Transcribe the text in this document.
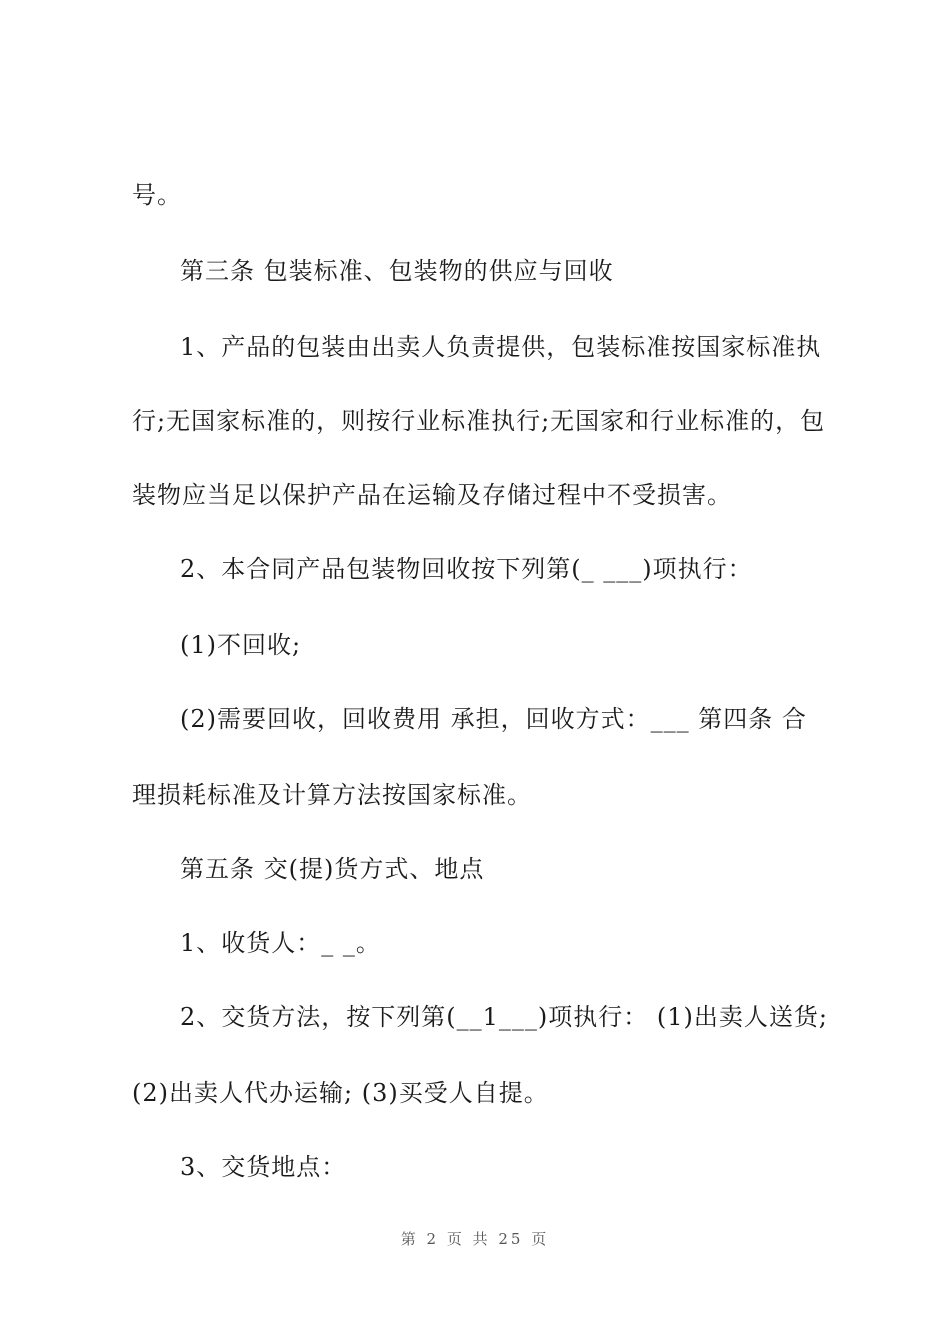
号。
第三条 包装标准、包装物的供应与回收
1、产品的包装由出卖人负责提供，包装标准按国家标准执
行;无国家标准的，则按行业标准执行;无国家和行业标准的，包
装物应当足以保护产品在运输及存储过程中不受损害。
2、本合同产品包装物回收按下列第(_ ___)项执行：
(1)不回收;
(2)需要回收，回收费用 承担，回收方式：___ 第四条 合
理损耗标准及计算方法按国家标准。
第五条 交(提)货方式、地点
1、收货人：_ _。
2、交货方法，按下列第(__1___)项执行： (1)出卖人送货;
(2)出卖人代办运输; (3)买受人自提。
3、交货地点：
第 2 页 共 25 页
